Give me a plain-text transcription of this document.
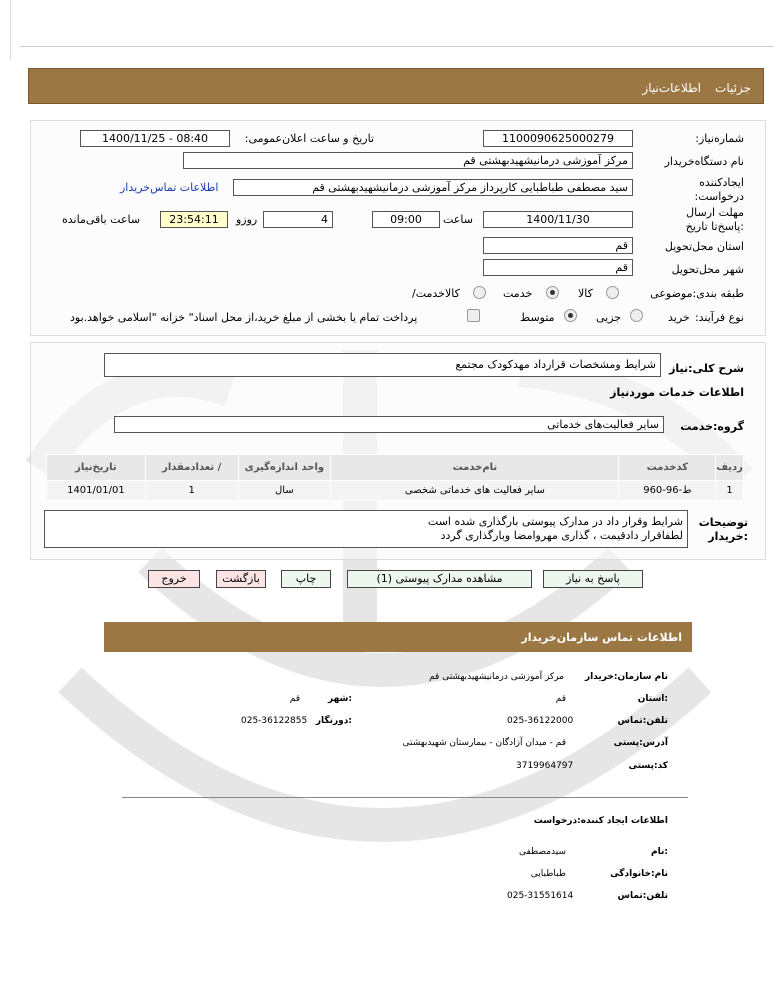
جزئیات
اطلاعات‌نیاز
شماره‌نیاز:
1100090625000279
تاریخ و ساعت اعلان‌عمومی:
1400/11/25 - 08:40
نام دستگاه‌خریدار
مرکز آموزشی درمانیشهیدبهشتی قم
ایجادکننده درخواست:
سید مصطفی طباطبایی کارپرداز مرکز آموزشی درمانیشهیدبهشتی قم
اطلاعات تماس‌خریدار
مهلت ارسال :پاسخ‌تا تاریخ
1400/11/30
ساعت
09:00
4
روزو
23:54:11
ساعت باقی‌مانده
استان محل‌تحویل
قم
شهر محل‌تحویل
قم
طبقه بندی:موضوعی
کالا
خدمت
/کالاخدمت
نوع فرآیند:
خرید
جزیی
متوسط
پرداخت تمام یا بخشی از مبلغ خرید،از محل اسناد" خزانه "اسلامی خواهد.بود
شرح کلی:نیاز
شرایط ومشخصات قرارداد مهدکودک مجتمع
اطلاعات خدمات موردنیاز
گروه:خدمت
سایر فعالیت‌های خدماتی
ردیف	کدخدمت	نام‌خدمت	واحد اندازه‌گیری	/ تعدادمقدار	تاریخ‌نیاز
1	ط-96-960	سایر فعالیت های خدماتی شخصی	سال	1	1401/01/01
توضیحات :خریدار
شرایط وقرار داد در مدارک پیوستی بارگذاری شده است
لطفاقرار دادقیمت ، گذاری مهروامضا وبارگذاری گردد
پاسخ به نیاز
مشاهده مدارک پیوستی (1)
چاپ
بازگشت
خروج
اطلاعات تماس سازمان‌خریدار
نام سازمان:خریدار
مرکز آموزشی درمانیشهیدبهشتی قم
:استان
قم
:شهر
قم
تلفن:تماس
025-36122000
:دورنگار
025-36122855
آدرس:پستی
قم - میدان آزادگان - بیمارستان شهیدبهشتی
کد:پستی
3719964797
اطلاعات ایجاد کننده:درخواست
:نام
سیدمصطفی
نام:خانوادگی
طباطبایی
تلفن:تماس
025-31551614
